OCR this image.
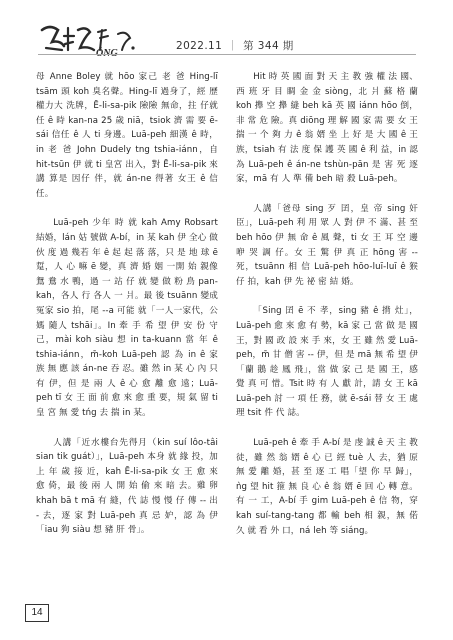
2022.11 ｜ 第 344 期

母 Anne Boley 就 hōo 家己 老 爸 Hing-lī tsām 頭 koh 臭名聲。Hing-lī 過身了，經 歷權力大 洗牌，Ē-li-sa-pik 險險 無命，拄 仔就 任 ê 時 kan-na 25 歲 niā，tsiok 濟 需 要 ē-sái 信任 ê 人 ti 身邊。Luā-peh 細漢 ê 時，in 老 爸 John Dudely tng tshia-iánn，自 hit-tsūn 伊 就 ti 皇宮 出入，對 Ē-li-sa-pik 來 講 算是 因仔 伴，就 án-ne 得著 女王 ê 信任。

Luā-peh 少年 時 就 kah Amy Robsart 結婚，lán 姑 號做 A-bí，in 某 kah 伊 全心 做伙 度 過 幾若 年 ê 起 起 落 落，只 是 地 球 ē 踅，人 心 嘛 ē 變，真 濟 婚 姻 一開 始 親像 鴛 鴦 水 鴨，過 一 站 仔 就 變 做 粉 鳥 pan-kah，各人 行 各人 一 爿。最 後 tsuānn 變成 冤家 sio 拍，尾 --a 可能 就「一人一家代，公 媽 隨人 tshāi」。In 牽 手 希 望 伊 安 份 守 己，mài koh siàu 想 in ta-kuann 當 年 ê tshia-iánn，m̄-koh Luā-peh 認 為 in ê 家 族 無 應 該 án-ne 吞 忍。雖 然 in 某 心 內 只 有 伊，但 是 兩 人 ê 心 愈 離 愈 遠；Luā-peh tī 女 王 面 前 愈 來 愈 重 要，規 氣 留 ti 皇 宮 無 愛 tńg 去 揣 in 某。

人講「近水樓台先得月（kin suí lôo-tâi sian tik guát）」，Luā-peh 本身 就 緣 投，加 上 年 歲 接 近，kah Ē-li-sa-pik 女 王 愈 來 愈 倚，最 後 兩 人 開 始 偷 來 暗 去。雞 卵 khah bā t mā 有 縫，代 誌 慢 慢 仔 傳 -- 出 - 去，逐 家 對 Luā-peh 真 忌 妒，認 為 伊「iau 狗 siàu 想 豬 肝 骨」。

Hit 時 英 國 面 對 天 主 教 強 權 法 國、西 班 牙 目 睭 金 金 siòng，北 爿 蘇 格 蘭 koh 攑 空 攑 縫 beh kā 英 國 iánn hōo 倒，非 常 危 險。真 diōng 理 解 國 家 需 要 女 王 揣 一 个 夠 力 ê 翁 婿 坐 上 好 是 大 國 ê 王 族，tsiah 有 法 度 保 護 英 國 ê 利 益，in 認 為 Luā-peh ê án-ne tshùn-pān 是 害 死 逐 家，mā 有 人 準 備 beh 暗 殺 Luā-peh。

人講「爸母 sing 歹 囝，皇 帝 sing 奸 臣」，Luā-peh 利 用 眾 人 對 伊 不 滿、甚 至 beh hōo 伊 無 命 ê 風 聲，ti 女 王 耳 空 邊 咿 哭 調 仔。女 王 驚 伊 真 正 hōng 害 -- 死，tsuānn 相 信 Luā-peh hōo-luī-luī ê 猴 仔 拍，kah 伊 先 祕 密 結 婚。

「Sing 囝 ē 不 孝，sing 豬 ê 揹 灶」，Luā-peh 愈 來 愈 有 勢，kā 家 己 當 做 是 國 王，對 國 政 設 來 手 來，女 王 雖 然 愛 Luā-peh，m̄ 甘 僧 害 -- 伊，但 是 mā 無 希 望 伊「蘭 鵝 趁 鳳 飛」，當 做 家 己 是 國 王，感 覺 真 可 惜。Tsit 時 有 人 獻 計，請 女 王 kā Luā-peh 討 一 項 任 務，就 ē-sái 替 女 王 處 理 tsit 件 代 誌。

Luā-peh ê 牽 手 A-bí 是 虔 誠 ê 天 主 教 徒，雖 然 翁 婿 ê 心 已 經 tuè 人 去，猶 原 無 愛 離 婚，甚 至 逐 工 唱「望 你 早 歸」，ǹg 望 hit 箍 無 良 心 ê 翁 婿 ē 回 心 轉 意。有 一 工，A-bí 手 gim Luā-peh ê 信 物，穿 kah suí-tang-tang 都 輸 beh 相 親，無 偌 久 就 看 外 口，ná leh 等 siáng。

14
